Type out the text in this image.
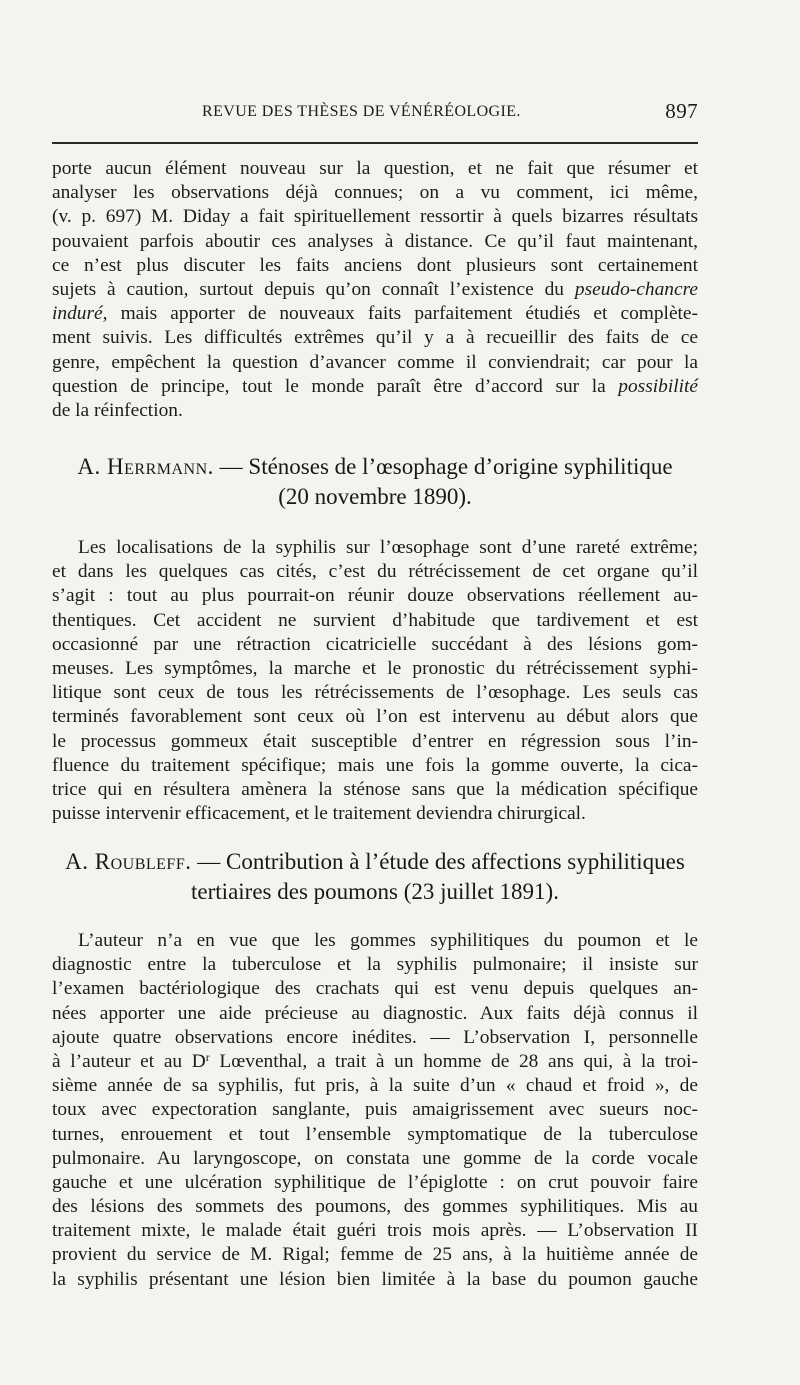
REVUE DES THÈSES DE VÉNÉRÉOLOGIE.	897
porte aucun élément nouveau sur la question, et ne fait que résumer et
analyser les observations déjà connues; on a vu comment, ici même,
(v. p. 697) M. Diday a fait spirituellement ressortir à quels bizarres résultats
pouvaient parfois aboutir ces analyses à distance. Ce qu’il faut maintenant,
ce n’est plus discuter les faits anciens dont plusieurs sont certainement
sujets à caution, surtout depuis qu’on connaît l’existence du pseudo-chancre
induré, mais apporter de nouveaux faits parfaitement étudiés et complète-
ment suivis. Les difficultés extrêmes qu’il y a à recueillir des faits de ce
genre, empêchent la question d’avancer comme il conviendrait; car pour la
question de principe, tout le monde paraît être d’accord sur la possibilité
de la réinfection.
A. Herrmann. — Sténoses de l’œsophage d’origine syphilitique
(20 novembre 1890).
Les localisations de la syphilis sur l’œsophage sont d’une rareté extrême;
et dans les quelques cas cités, c’est du rétrécissement de cet organe qu’il
s’agit : tout au plus pourrait-on réunir douze observations réellement au-
thentiques. Cet accident ne survient d’habitude que tardivement et est
occasionné par une rétraction cicatricielle succédant à des lésions gom-
meuses. Les symptômes, la marche et le pronostic du rétrécissement syphi-
litique sont ceux de tous les rétrécissements de l’œsophage. Les seuls cas
terminés favorablement sont ceux où l’on est intervenu au début alors que
le processus gommeux était susceptible d’entrer en régression sous l’in-
fluence du traitement spécifique; mais une fois la gomme ouverte, la cica-
trice qui en résultera amènera la sténose sans que la médication spécifique
puisse intervenir efficacement, et le traitement deviendra chirurgical.
A. Roubleff. — Contribution à l’étude des affections syphilitiques
tertiaires des poumons (23 juillet 1891).
L’auteur n’a en vue que les gommes syphilitiques du poumon et le
diagnostic entre la tuberculose et la syphilis pulmonaire; il insiste sur
l’examen bactériologique des crachats qui est venu depuis quelques an-
nées apporter une aide précieuse au diagnostic. Aux faits déjà connus il
ajoute quatre observations encore inédites. — L’observation I, personnelle
à l’auteur et au $D^r$ Lœventhal, a trait à un homme de 28 ans qui, à la troi-
sième année de sa syphilis, fut pris, à la suite d’un « chaud et froid », de
toux avec expectoration sanglante, puis amaigrissement avec sueurs noc-
turnes, enrouement et tout l’ensemble symptomatique de la tuberculose
pulmonaire. Au laryngoscope, on constata une gomme de la corde vocale
gauche et une ulcération syphilitique de l’épiglotte : on crut pouvoir faire
des lésions des sommets des poumons, des gommes syphilitiques. Mis au
traitement mixte, le malade était guéri trois mois après. — L’observation II
provient du service de M. Rigal; femme de 25 ans, à la huitième année de
la syphilis présentant une lésion bien limitée à la base du poumon gauche
